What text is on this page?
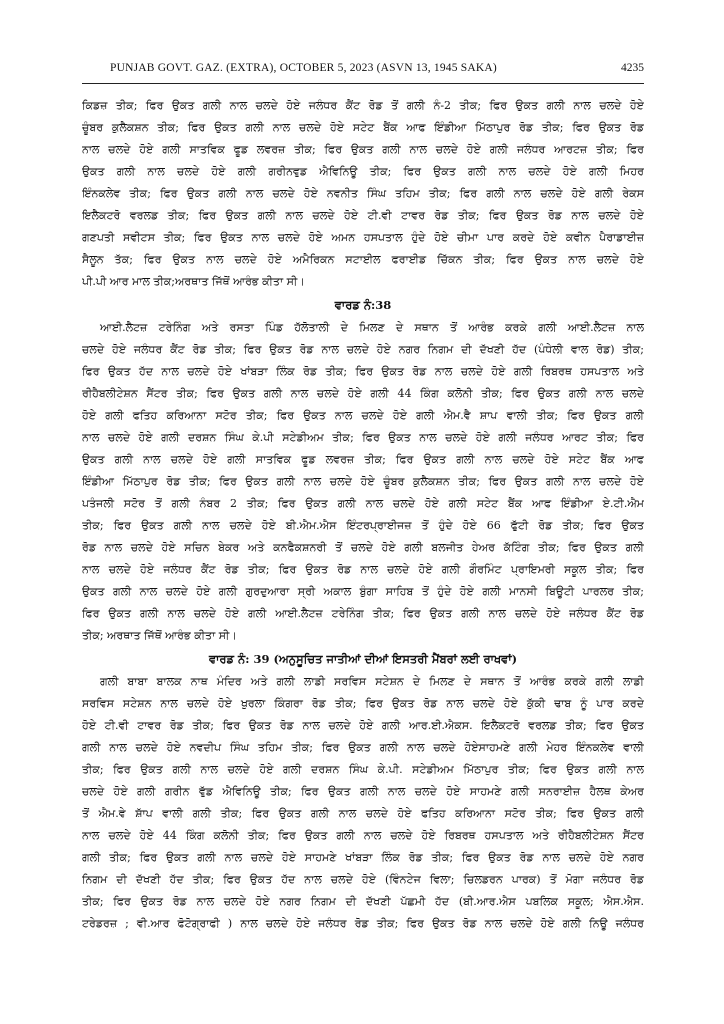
PUNJAB GOVT. GAZ. (EXTRA), OCTOBER 5, 2023 (ASVN 13, 1945 SAKA)	4235
ਕਿਡਜ਼ ਤੀਕ; ਫਿਰ ਉਕਤ ਗਲੀ ਨਾਲ ਚਲਦੇ ਹੋਏ ਜਲੰਧਰ ਕੈਂਟ ਰੋਡ ਤੋਂ ਗਲੀ ਨੰ-2 ਤੀਕ; ਫਿਰ ਉਕਤ ਗਲੀ ਨਾਲ ਚਲਦੇ ਹੋਏ
ਚੂੰਬਰ ਕੁਲੈਕਸ਼ਨ ਤੀਕ; ਫਿਰ ਉਕਤ ਗਲੀ ਨਾਲ ਚਲਦੇ ਹੋਏ ਸਟੇਟ ਬੈਂਕ ਆਫ ਇੰਡੀਆ ਮਿੱਠਾਪੁਰ ਰੋਡ ਤੀਕ; ਫਿਰ ਉਕਤ ਰੋਡ
ਨਾਲ ਚਲਦੇ ਹੋਏ ਗਲੀ ਸਾਤਵਿਕ ਫੂਡ ਲਵਰਜ਼ ਤੀਕ; ਫਿਰ ਉਕਤ ਗਲੀ ਨਾਲ ਚਲਦੇ ਹੋਏ ਗਲੀ ਜਲੰਧਰ ਆਰਟਜ਼ ਤੀਕ; ਫਿਰ
ਉਕਤ ਗਲੀ ਨਾਲ ਚਲਦੇ ਹੋਏ ਗਲੀ ਗਰੀਨਵੁਡ ਐਵਿਨਿਊ ਤੀਕ; ਫਿਰ ਉਕਤ ਗਲੀ ਨਾਲ ਚਲਦੇ ਹੋਏ ਗਲੀ ਮਿਹਰ
ਇੰਨਕਲੇਵ ਤੀਕ; ਫਿਰ ਉਕਤ ਗਲੀ ਨਾਲ ਚਲਦੇ ਹੋਏ ਨਵਨੀਤ ਸਿੰਘ ਤਹਿਮ ਤੀਕ; ਫਿਰ ਗਲੀ ਨਾਲ ਚਲਦੇ ਹੋਏ ਗਲੀ ਰੇਕਸ
ਇਲੈਕਟਰੋ ਵਰਲਡ ਤੀਕ; ਫਿਰ ਉਕਤ ਗਲੀ ਨਾਲ ਚਲਦੇ ਹੋਏ ਟੀ.ਵੀ ਟਾਵਰ ਰੋਡ ਤੀਕ; ਫਿਰ ਉਕਤ ਰੋਡ ਨਾਲ ਚਲਦੇ ਹੋਏ
ਗਣਪਤੀ ਸਵੀਟਸ ਤੀਕ; ਫਿਰ ਉਕਤ ਨਾਲ ਚਲਦੇ ਹੋਏ ਅਮਨ ਹਸਪਤਾਲ ਹੁੰਦੇ ਹੋਏ ਚੀਮਾ ਪਾਰ ਕਰਦੇ ਹੋਏ ਕਵੀਨ ਪੈਰਾਡਾਈਜ਼
ਸੈਲੂਨ ਤੱਕ; ਫਿਰ ਉਕਤ ਨਾਲ ਚਲਦੇ ਹੋਏ ਅਮੈਰਿਕਨ ਸਟਾਈਲ ਫਰਾਈਡ ਚਿੱਕਨ ਤੀਕ; ਫਿਰ ਉਕਤ ਨਾਲ ਚਲਦੇ ਹੋਏ
ਪੀ.ਪੀ ਆਰ ਮਾਲ ਤੀਕ;ਅਰਥਾਤ ਜਿੱਥੋਂ ਆਰੰਭ ਕੀਤਾ ਸੀ।
ਵਾਰਡ ਨੰ:38
ਆਈ.ਲੈਟਜ਼ ਟਰੇਨਿੰਗ ਅਤੇ ਰਸਤਾ ਪਿੰਡ ਹੱਲੋਤਾਲੀ ਦੇ ਮਿਲਣ ਦੇ ਸਥਾਨ ਤੋਂ ਆਰੰਭ ਕਰਕੇ ਗਲੀ ਆਈ.ਲੈਟਜ਼ ਨਾਲ
ਚਲਦੇ ਹੋਏ ਜਲੰਧਰ ਕੈਂਟ ਰੋਡ ਤੀਕ; ਫਿਰ ਉਕਤ ਰੋਡ ਨਾਲ ਚਲਦੇ ਹੋਏ ਨਗਰ ਨਿਗਮ ਦੀ ਦੱਖਣੀ ਹੱਦ (ਪੰਧੇਲੀ ਵਾਲ ਰੋਡ) ਤੀਕ;
ਫਿਰ ਉਕਤ ਹੱਦ ਨਾਲ ਚਲਦੇ ਹੋਏ ਖਾਂਬੜਾ ਲਿੰਕ ਰੋਡ ਤੀਕ; ਫਿਰ ਉਕਤ ਰੋਡ ਨਾਲ ਚਲਦੇ ਹੋਏ ਗਲੀ ਰਿਬਰਥ ਹਸਪਤਾਲ ਅਤੇ
ਰੀਹੈਬਲੀਟੇਸ਼ਨ ਸੈਂਟਰ ਤੀਕ; ਫਿਰ ਉਕਤ ਗਲੀ ਨਾਲ ਚਲਦੇ ਹੋਏ ਗਲੀ 44 ਕਿੰਗ ਕਲੋਨੀ ਤੀਕ; ਫਿਰ ਉਕਤ ਗਲੀ ਨਾਲ ਚਲਦੇ
ਹੋਏ ਗਲੀ ਫਤਿਹ ਕਰਿਆਨਾ ਸਟੋਰ ਤੀਕ; ਫਿਰ ਉਕਤ ਨਾਲ ਚਲਦੇ ਹੋਏ ਗਲੀ ਐਮ.ਵੈ ਸ਼ਾਪ ਵਾਲੀ ਤੀਕ; ਫਿਰ ਉਕਤ ਗਲੀ
ਨਾਲ ਚਲਦੇ ਹੋਏ ਗਲੀ ਦਰਸ਼ਨ ਸਿੰਘ ਕੇ.ਪੀ ਸਟੇਡੀਅਮ ਤੀਕ; ਫਿਰ ਉਕਤ ਨਾਲ ਚਲਦੇ ਹੋਏ ਗਲੀ ਜਲੰਧਰ ਆਰਟ ਤੀਕ; ਫਿਰ
ਉਕਤ ਗਲੀ ਨਾਲ ਚਲਦੇ ਹੋਏ ਗਲੀ ਸਾਤਵਿਕ ਫੂਡ ਲਵਰਜ਼ ਤੀਕ; ਫਿਰ ਉਕਤ ਗਲੀ ਨਾਲ ਚਲਦੇ ਹੋਏ ਸਟੇਟ ਬੈਂਕ ਆਫ
ਇੰਡੀਆ ਮਿੱਠਾਪੁਰ ਰੋਡ ਤੀਕ; ਫਿਰ ਉਕਤ ਗਲੀ ਨਾਲ ਚਲਦੇ ਹੋਏ ਚੂੰਬਰ ਕੁਲੈਕਸ਼ਨ ਤੀਕ; ਫਿਰ ਉਕਤ ਗਲੀ ਨਾਲ ਚਲਦੇ ਹੋਏ
ਪਤੰਜਲੀ ਸਟੋਰ ਤੋਂ ਗਲੀ ਨੰਬਰ 2 ਤੀਕ; ਫਿਰ ਉਕਤ ਗਲੀ ਨਾਲ ਚਲਦੇ ਹੋਏ ਗਲੀ ਸਟੇਟ ਬੈਂਕ ਆਫ ਇੰਡੀਆ ਏ.ਟੀ.ਐਮ
ਤੀਕ; ਫਿਰ ਉਕਤ ਗਲੀ ਨਾਲ ਚਲਦੇ ਹੋਏ ਬੀ.ਐਮ.ਐਸ ਇੰਟਰਪ੍ਰਾਈਜਜ਼ ਤੋਂ ਹੁੰਦੇ ਹੋਏ 66 ਫੁੱਟੀ ਰੋਡ ਤੀਕ; ਫਿਰ ਉਕਤ
ਰੋਡ ਨਾਲ ਚਲਦੇ ਹੋਏ ਸਚਿਨ ਬੇਕਰ ਅਤੇ ਕਨਫੈਕਸ਼ਨਰੀ ਤੋਂ ਚਲਦੇ ਹੋਏ ਗਲੀ ਬਲਜੀਤ ਹੇਅਰ ਕੱਟਿੰਗ ਤੀਕ; ਫਿਰ ਉਕਤ ਗਲੀ
ਨਾਲ ਚਲਦੇ ਹੋਏ ਜਲੰਧਰ ਕੈਂਟ ਰੋਡ ਤੀਕ; ਫਿਰ ਉਕਤ ਰੋਡ ਨਾਲ ਚਲਦੇ ਹੋਏ ਗਲੀ ਗੌਰਮਿੰਟ ਪ੍ਰਾਇਮਰੀ ਸਕੂਲ ਤੀਕ; ਫਿਰ
ਉਕਤ ਗਲੀ ਨਾਲ ਚਲਦੇ ਹੋਏ ਗਲੀ ਗੁਰਦੁਆਰਾ ਸ੍ਰੀ ਅਕਾਲ ਬੁੰਗਾ ਸਾਹਿਬ ਤੋਂ ਹੁੰਦੇ ਹੋਏ ਗਲੀ ਮਾਨਸੀ ਬਿਊਟੀ ਪਾਰਲਰ ਤੀਕ;
ਫਿਰ ਉਕਤ ਗਲੀ ਨਾਲ ਚਲਦੇ ਹੋਏ ਗਲੀ ਆਈ.ਲੈਟਜ਼ ਟਰੇਨਿੰਗ ਤੀਕ; ਫਿਰ ਉਕਤ ਗਲੀ ਨਾਲ ਚਲਦੇ ਹੋਏ ਜਲੰਧਰ ਕੈਂਟ ਰੋਡ
ਤੀਕ; ਅਰਥਾਤ ਜਿੱਥੋਂ ਆਰੰਭ ਕੀਤਾ ਸੀ।
ਵਾਰਡ ਨੰ: 39 (ਅਨੁਸੂਚਿਤ ਜਾਤੀਆਂ ਦੀਆਂ ਇਸਤਰੀ ਮੈਂਬਰਾਂ ਲਈ ਰਾਖਵਾਂ)
ਗਲੀ ਬਾਬਾ ਬਾਲਕ ਨਾਥ ਮੰਦਿਰ ਅਤੇ ਗਲੀ ਲਾਡੀ ਸਰਵਿਸ ਸਟੇਸ਼ਨ ਦੇ ਮਿਲਣ ਦੇ ਸਥਾਨ ਤੋਂ ਆਰੰਭ ਕਰਕੇ ਗਲੀ ਲਾਡੀ
ਸਰਵਿਸ ਸਟੇਸ਼ਨ ਨਾਲ ਚਲਦੇ ਹੋਏ ਖੁਰਲਾ ਕਿੰਗਰਾ ਰੋਡ ਤੀਕ; ਫਿਰ ਉਕਤ ਰੋਡ ਨਾਲ ਚਲਦੇ ਹੋਏ ਕੁੱਕੀ ਢਾਬ ਨੂੰ ਪਾਰ ਕਰਦੇ
ਹੋਏ ਟੀ.ਵੀ ਟਾਵਰ ਰੋਡ ਤੀਕ; ਫਿਰ ਉਕਤ ਰੋਡ ਨਾਲ ਚਲਦੇ ਹੋਏ ਗਲੀ ਆਰ.ਈ.ਐਕਸ. ਇਲੈਕਟਰੋ ਵਰਲਡ ਤੀਕ; ਫਿਰ ਉਕਤ
ਗਲੀ ਨਾਲ ਚਲਦੇ ਹੋਏ ਨਵਦੀਪ ਸਿੰਘ ਤਹਿਮ ਤੀਕ; ਫਿਰ ਉਕਤ ਗਲੀ ਨਾਲ ਚਲਦੇ ਹੋਏਸਾਹਮਣੇ ਗਲੀ ਮੇਹਰ ਇੰਨਕਲੇਵ ਵਾਲੀ
ਤੀਕ; ਫਿਰ ਉਕਤ ਗਲੀ ਨਾਲ ਚਲਦੇ ਹੋਏ ਗਲੀ ਦਰਸ਼ਨ ਸਿੰਘ ਕੇ.ਪੀ. ਸਟੇਡੀਅਮ ਮਿੱਠਾਪੁਰ ਤੀਕ; ਫਿਰ ਉਕਤ ਗਲੀ ਨਾਲ
ਚਲਦੇ ਹੋਏ ਗਲੀ ਗਰੀਨ ਵੁੱਡ ਐਵਿਨਿਊ ਤੀਕ; ਫਿਰ ਉਕਤ ਗਲੀ ਨਾਲ ਚਲਦੇ ਹੋਏ ਸਾਹਮਣੇ ਗਲੀ ਸਨਰਾਈਜ਼ ਹੈਲਥ ਕੇਅਰ
ਤੋਂ ਐਮ.ਵੇ ਸ਼ਾੱਪ ਵਾਲੀ ਗਲੀ ਤੀਕ; ਫਿਰ ਉਕਤ ਗਲੀ ਨਾਲ ਚਲਦੇ ਹੋਏ ਫਤਿਹ ਕਰਿਆਨਾ ਸਟੋਰ ਤੀਕ; ਫਿਰ ਉਕਤ ਗਲੀ
ਨਾਲ ਚਲਦੇ ਹੋਏ 44 ਕਿੰਗ ਕਲੋਨੀ ਤੀਕ; ਫਿਰ ਉਕਤ ਗਲੀ ਨਾਲ ਚਲਦੇ ਹੋਏ ਰਿਬਰਥ ਹਸਪਤਾਲ ਅਤੇ ਰੀਹੈਬਲੀਟੇਸ਼ਨ ਸੈਂਟਰ
ਗਲੀ ਤੀਕ; ਫਿਰ ਉਕਤ ਗਲੀ ਨਾਲ ਚਲਦੇ ਹੋਏ ਸਾਹਮਣੇ ਖਾਂਬੜਾ ਲਿੰਕ ਰੋਡ ਤੀਕ; ਫਿਰ ਉਕਤ ਰੋਡ ਨਾਲ ਚਲਦੇ ਹੋਏ ਨਗਰ
ਨਿਗਮ ਦੀ ਦੱਖਣੀ ਹੱਦ ਤੀਕ; ਫਿਰ ਉਕਤ ਹੱਦ ਨਾਲ ਚਲਦੇ ਹੋਏ (ਵਿੰਨਟੇਜ ਵਿਲਾ; ਚਿਲਡਰਨ ਪਾਰਕ) ਤੋਂ ਮੋਗਾ ਜਲੰਧਰ ਰੋਡ
ਤੀਕ; ਫਿਰ ਉਕਤ ਰੋਡ ਨਾਲ ਚਲਦੇ ਹੋਏ ਨਗਰ ਨਿਗਮ ਦੀ ਦੱਖਣੀ ਪੱਛਮੀ ਹੱਦ (ਬੀ.ਆਰ.ਐਸ ਪਬਲਿਕ ਸਕੂਲ; ਐਸ.ਐਸ.
ਟਰੇਡਰਜ਼ ; ਵੀ.ਆਰ ਫੋਟੋਗ੍ਰਾਫੀ ) ਨਾਲ ਚਲਦੇ ਹੋਏ ਜਲੰਧਰ ਰੋਡ ਤੀਕ; ਫਿਰ ਉਕਤ ਰੋਡ ਨਾਲ ਚਲਦੇ ਹੋਏ ਗਲੀ ਨਿਊ ਜਲੰਧਰ
